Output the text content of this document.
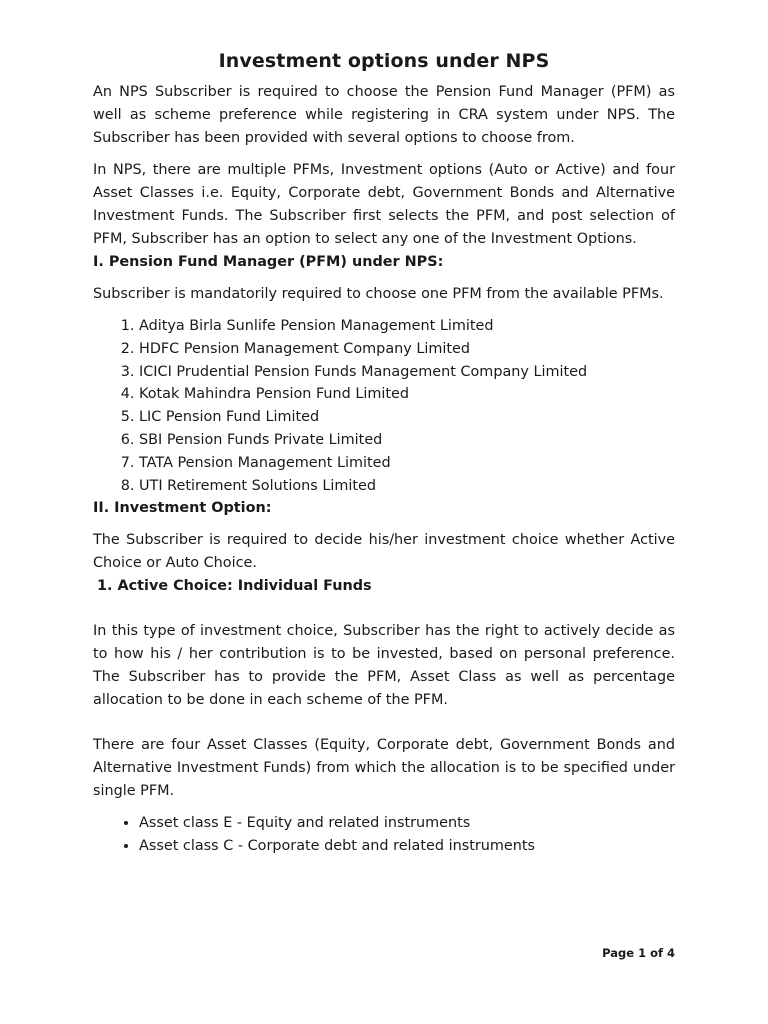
Investment options under NPS

An NPS Subscriber is required to choose the Pension Fund Manager (PFM) as well as scheme preference while registering in CRA system under NPS. The Subscriber has been provided with several options to choose from.

In NPS, there are multiple PFMs, Investment options (Auto or Active) and four Asset Classes i.e. Equity, Corporate debt, Government Bonds and Alternative Investment Funds. The Subscriber first selects the PFM, and post selection of PFM, Subscriber has an option to select any one of the Investment Options.

I. Pension Fund Manager (PFM) under NPS:

Subscriber is mandatorily required to choose one PFM from the available PFMs.

1. Aditya Birla Sunlife Pension Management Limited
2. HDFC Pension Management Company Limited
3. ICICI Prudential Pension Funds Management Company Limited
4. Kotak Mahindra Pension Fund Limited
5. LIC Pension Fund Limited
6. SBI Pension Funds Private Limited
7. TATA Pension Management Limited
8. UTI Retirement Solutions Limited
II. Investment Option:

The Subscriber is required to decide his/her investment choice whether Active Choice or Auto Choice.

1. Active Choice: Individual Funds

In this type of investment choice, Subscriber has the right to actively decide as to how his / her contribution is to be invested, based on personal preference. The Subscriber has to provide the PFM, Asset Class as well as percentage allocation to be done in each scheme of the PFM.

There are four Asset Classes (Equity, Corporate debt, Government Bonds and Alternative Investment Funds) from which the allocation is to be specified under single PFM.

• Asset class E - Equity and related instruments
• Asset class C - Corporate debt and related instruments
Page 1 of 4
